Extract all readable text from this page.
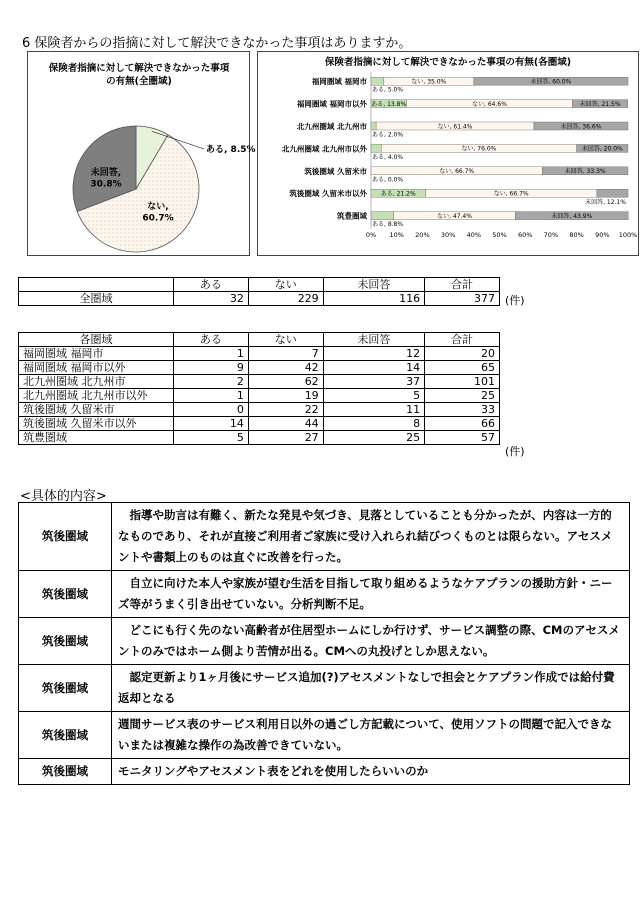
6 保険者からの指摘に対して解決できなかった事項はありますか。
保険者指摘に対して解決できなかった事項の有無(全圏域)
ある, 8.5%
ない, 60.7%
未回答, 30.8%
保険者指摘に対して解決できなかった事項の有無(各圏域)
0% 10% 20% 30% 40% 50% 60% 70% 80% 90% 100%
福岡圏域 福岡市
ある, 5.0%
ない, 35.0%	未回答, 60.0%
福岡圏域 福岡市以外 ある, 13.8%	ない, 64.6%	未回答, 21.5%
北九州圏域 北九州市
ある, 2.0%
ない, 61.4%	未回答, 36.6%
北九州圏域 北九州市以外
ある, 4.0%
ない, 76.0%	未回答, 20.0%
筑後圏域 久留米市
ある, 0.0%
ない, 66.7%	未回答, 33.3%
筑後圏域 久留米市以外 ある, 21.2%	ない, 66.7%
未回答, 12.1%
筑豊圏域
ある, 8.8%
ない, 47.4%	未回答, 43.9%
	ある	ない	未回答	合計
全圏域	32	229	116	377 (件)
各圏域	ある	ない	未回答	合計
福岡圏域 福岡市	1	7	12	20
福岡圏域 福岡市以外	9	42	14	65
北九州圏域 北九州市	2	62	37	101
北九州圏域 北九州市以外	1	19	5	25
筑後圏域 久留米市	0	22	11	33
筑後圏域 久留米市以外	14	44	8	66
筑豊圏域	5	27	25	57
(件)
<具体的内容>
筑後圏域	　指導や助言は有難く、新たな発見や気づき、見落としていることも分かったが、内容は一方的なものであり、それが直接ご利用者ご家族に受け入れられ結びつくものとは限らない。アセスメントや書類上のものは直ぐに改善を行った。
筑後圏域	　自立に向けた本人や家族が望む生活を目指して取り組めるようなケアプランの援助方針・ニーズ等がうまく引き出せていない。分析判断不足。
筑後圏域	　どこにも行く先のない高齢者が住居型ホームにしか行けず、サービス調整の際、CMのアセスメントのみではホーム側より苦情が出る。CMへの丸投げとしか思えない。
筑後圏域	　認定更新より1ヶ月後にサービス追加(?)アセスメントなしで担会とケアプラン作成では給付費返却となる
筑後圏域	週間サービス表のサービス利用日以外の過ごし方記載について、使用ソフトの問題で記入できないまたは複雑な操作の為改善できていない。
筑後圏域	モニタリングやアセスメント表をどれを使用したらいいのか
